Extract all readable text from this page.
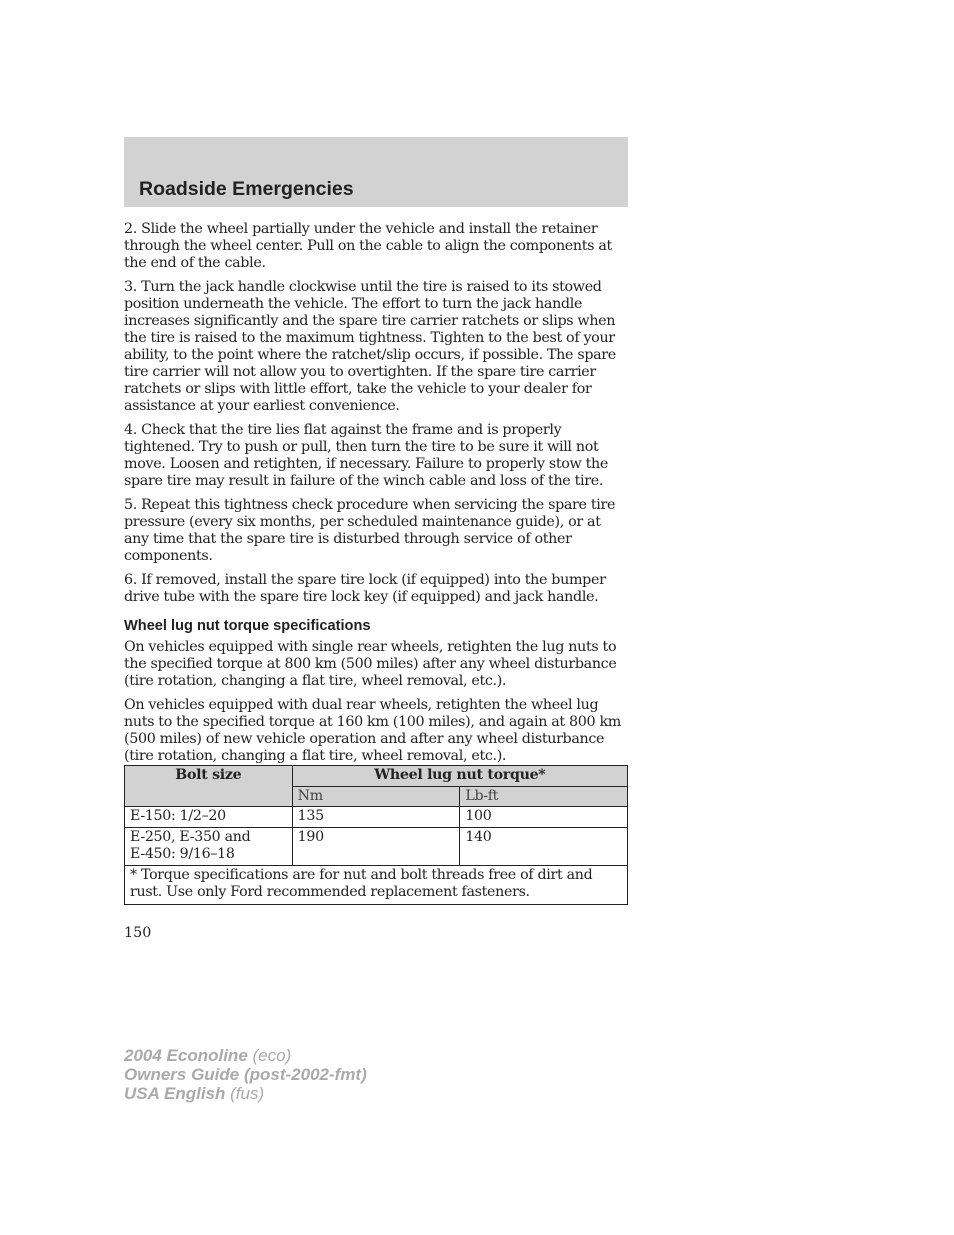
Roadside Emergencies

2. Slide the wheel partially under the vehicle and install the retainer through the wheel center. Pull on the cable to align the components at the end of the cable.

3. Turn the jack handle clockwise until the tire is raised to its stowed position underneath the vehicle. The effort to turn the jack handle increases significantly and the spare tire carrier ratchets or slips when the tire is raised to the maximum tightness. Tighten to the best of your ability, to the point where the ratchet/slip occurs, if possible. The spare tire carrier will not allow you to overtighten. If the spare tire carrier ratchets or slips with little effort, take the vehicle to your dealer for assistance at your earliest convenience.

4. Check that the tire lies flat against the frame and is properly tightened. Try to push or pull, then turn the tire to be sure it will not move. Loosen and retighten, if necessary. Failure to properly stow the spare tire may result in failure of the winch cable and loss of the tire.

5. Repeat this tightness check procedure when servicing the spare tire pressure (every six months, per scheduled maintenance guide), or at any time that the spare tire is disturbed through service of other components.

6. If removed, install the spare tire lock (if equipped) into the bumper drive tube with the spare tire lock key (if equipped) and jack handle.

Wheel lug nut torque specifications

On vehicles equipped with single rear wheels, retighten the lug nuts to the specified torque at 800 km (500 miles) after any wheel disturbance (tire rotation, changing a flat tire, wheel removal, etc.).

On vehicles equipped with dual rear wheels, retighten the wheel lug nuts to the specified torque at 160 km (100 miles), and again at 800 km (500 miles) of new vehicle operation and after any wheel disturbance (tire rotation, changing a flat tire, wheel removal, etc.).

Bolt size	Wheel lug nut torque*	
	Nm	Lb-ft
E-150: 1/2–20	135	100
E-250, E-350 and
E-450: 9/16–18	190	140
* Torque specifications are for nut and bolt threads free of dirt and
rust. Use only Ford recommended replacement fasteners.		
150
2004 Econoline (eco)
Owners Guide (post-2002-fmt)
USA English (fus)
